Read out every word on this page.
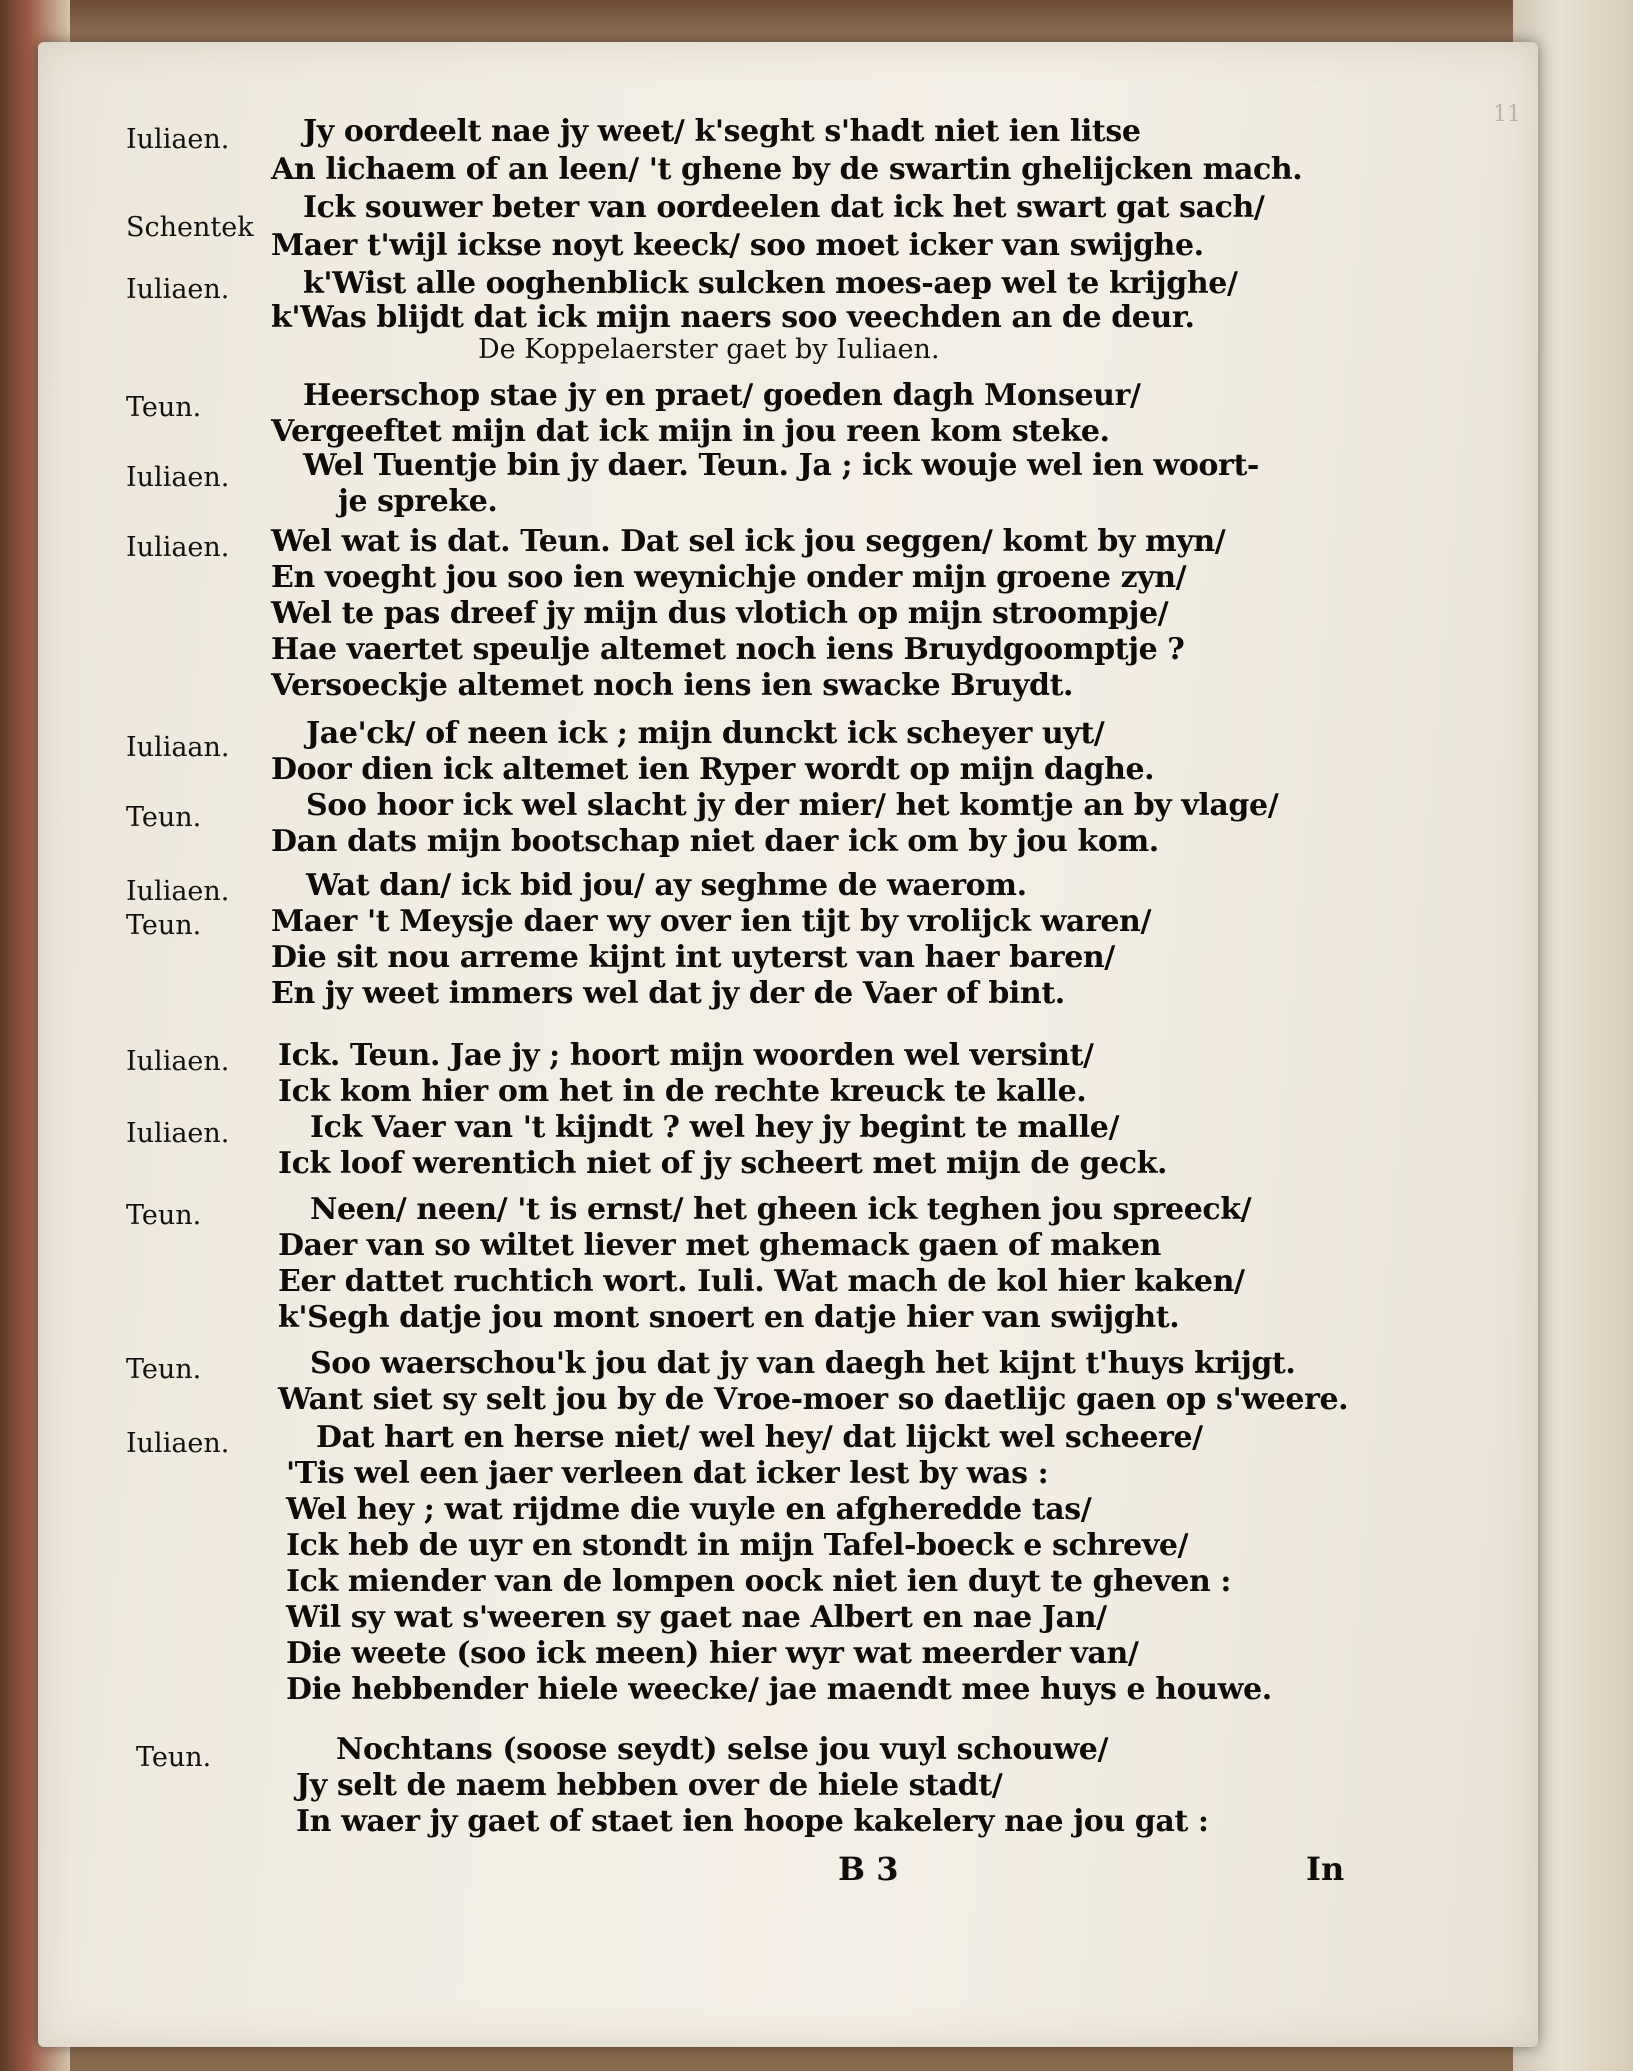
11
Iuliaen.
Schentek
Iuliaen.
Teun.
Iuliaen.
Iuliaen.
Iuliaan.
Teun.
Iuliaen.
Teun.
Iuliaen.
Iuliaen.
Teun.
Teun.
Iuliaen.
Teun.
De Koppelaerster gaet by Iuliaen.
Jy oordeelt nae jy weet/ k'seght s'hadt niet ien litse
An lichaem of an leen/ 't ghene by de swartin ghelijcken mach.
Ick souwer beter van oordeelen dat ick het swart gat sach/
Maer t'wijl ickse noyt keeck/ soo moet icker van swijghe.
k'Wist alle ooghenblick sulcken moes-aep wel te krijghe/
k'Was blijdt dat ick mijn naers soo veechden an de deur.
Heerschop stae jy en praet/ goeden dagh Monseur/
Vergeeftet mijn dat ick mijn in jou reen kom steke.
Wel Tuentje bin jy daer. Teun. Ja ; ick wouje wel ien woort-
je spreke.
Wel wat is dat. Teun. Dat sel ick jou seggen/ komt by myn/
En voeght jou soo ien weynichje onder mijn groene zyn/
Wel te pas dreef jy mijn dus vlotich op mijn stroompje/
Hae vaertet speulje altemet noch iens Bruydgoomptje ?
Versoeckje altemet noch iens ien swacke Bruydt.
Jae'ck/ of neen ick ; mijn dunckt ick scheyer uyt/
Door dien ick altemet ien Ryper wordt op mijn daghe.
Soo hoor ick wel slacht jy der mier/ het komtje an by vlage/
Dan dats mijn bootschap niet daer ick om by jou kom.
Wat dan/ ick bid jou/ ay seghme de waerom.
Maer 't Meysje daer wy over ien tijt by vrolijck waren/
Die sit nou arreme kijnt int uyterst van haer baren/
En jy weet immers wel dat jy der de Vaer of bint.
Ick. Teun. Jae jy ; hoort mijn woorden wel versint/
Ick kom hier om het in de rechte kreuck te kalle.
Ick Vaer van 't kijndt ? wel hey jy begint te malle/
Ick loof werentich niet of jy scheert met mijn de geck.
Neen/ neen/ 't is ernst/ het gheen ick teghen jou spreeck/
Daer van so wiltet liever met ghemack gaen of maken
Eer dattet ruchtich wort. Iuli. Wat mach de kol hier kaken/
k'Segh datje jou mont snoert en datje hier van swijght.
Soo waerschou'k jou dat jy van daegh het kijnt t'huys krijgt.
Want siet sy selt jou by de Vroe-moer so daetlijc gaen op s'weere.
Dat hart en herse niet/ wel hey/ dat lijckt wel scheere/
'Tis wel een jaer verleen dat icker lest by was :
Wel hey ; wat rijdme die vuyle en afgheredde tas/
Ick heb de uyr en stondt in mijn Tafel-boeck e schreve/
Ick miender van de lompen oock niet ien duyt te gheven :
Wil sy wat s'weeren sy gaet nae Albert en nae Jan/
Die weete (soo ick meen) hier wyr wat meerder van/
Die hebbender hiele weecke/ jae maendt mee huys e houwe.
Nochtans (soose seydt) selse jou vuyl schouwe/
Jy selt de naem hebben over de hiele stadt/
In waer jy gaet of staet ien hoope kakelery nae jou gat :
B 3	In
